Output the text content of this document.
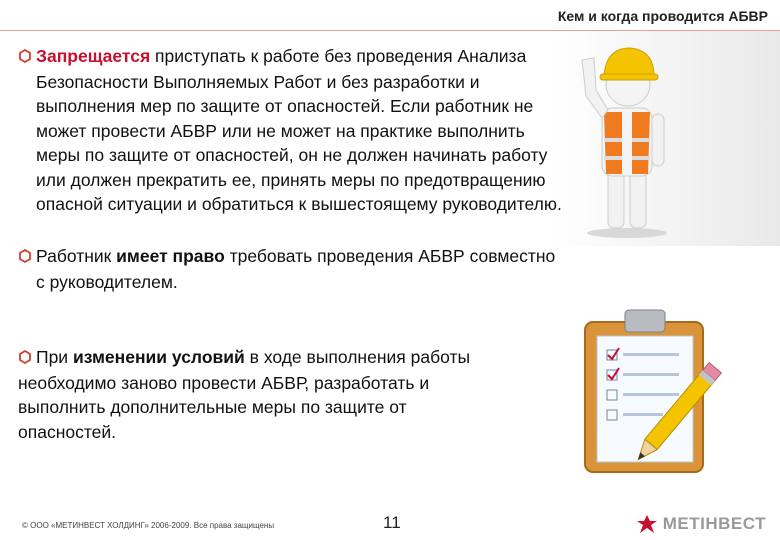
Кем и когда проводится АБВР
Запрещается приступать к работе без проведения Анализа
Безопасности Выполняемых Работ и без разработки и
выполнения мер по защите от опасностей. Если работник не
может провести АБВР или не может на практике выполнить
меры по защите от опасностей, он не должен начинать работу
или должен прекратить ее, принять меры по предотвращению
опасной ситуации и обратиться к вышестоящему руководителю.
Работник имеет право требовать проведения АБВР совместно
с руководителем.
При изменении условий в ходе выполнения работы
необходимо заново провести АБВР, разработать и
выполнить дополнительные меры по защите от
опасностей.
© ООО «МЕТИНВЕСТ ХОЛДИНГ» 2006-2009. Все права защищены	11	МЕТІНВЕСТ
